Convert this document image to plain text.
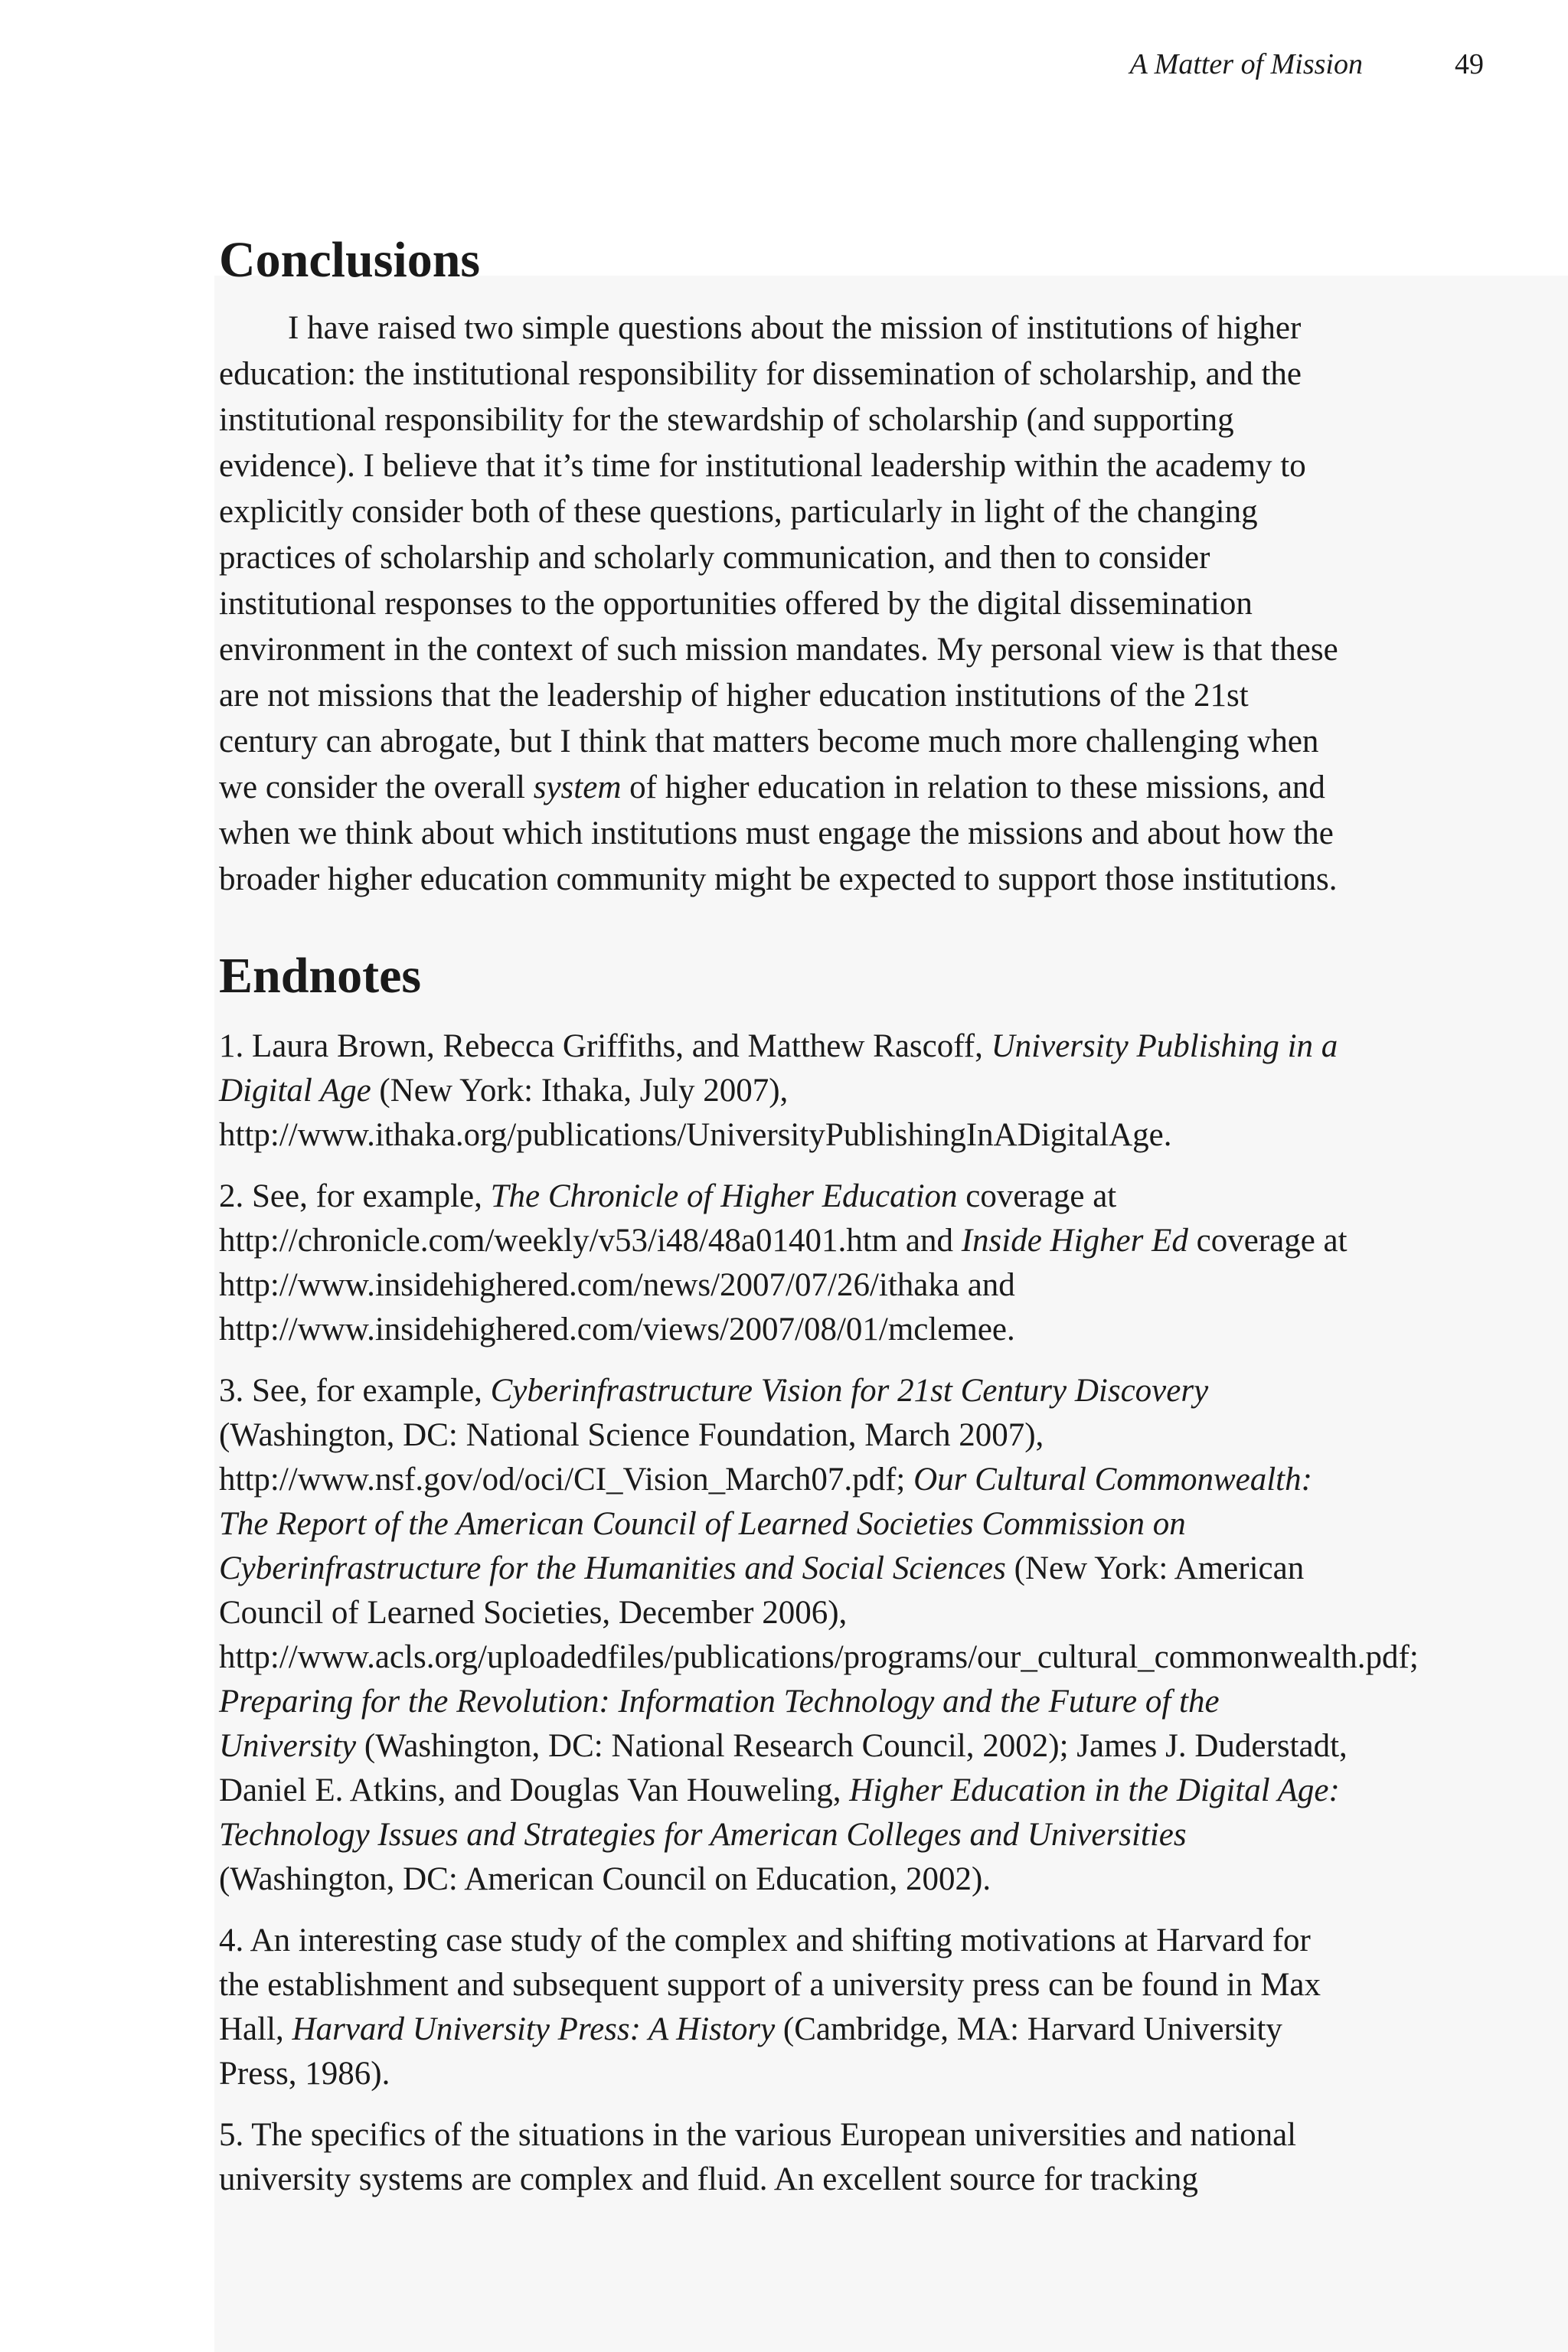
A Matter of Mission	49
Conclusions

I have raised two simple questions about the mission of institutions of higher education: the institutional responsibility for dissemination of scholarship, and the institutional responsibility for the stewardship of scholarship (and supporting evidence). I believe that it’s time for institutional leadership within the academy to explicitly consider both of these questions, particularly in light of the changing practices of scholarship and scholarly communication, and then to consider institutional responses to the opportunities offered by the digital dissemination environment in the context of such mission mandates. My personal view is that these are not missions that the leadership of higher education institutions of the 21st century can abrogate, but I think that matters become much more challenging when we consider the overall system of higher education in relation to these missions, and when we think about which institutions must engage the missions and about how the broader higher education community might be expected to support those institutions.

Endnotes

1. Laura Brown, Rebecca Griffiths, and Matthew Rascoff, University Publishing in a Digital Age (New York: Ithaka, July 2007), http://www.ithaka.org/publications/UniversityPublishingInADigitalAge.

2. See, for example, The Chronicle of Higher Education coverage at http://chronicle.com/weekly/v53/i48/48a01401.htm and Inside Higher Ed coverage at http://www.insidehighered.com/news/2007/07/26/ithaka and http://www.insidehighered.com/views/2007/08/01/mclemee.

3. See, for example, Cyberinfrastructure Vision for 21st Century Discovery (Washington, DC: National Science Foundation, March 2007), http://www.nsf.gov/od/oci/CI_Vision_March07.pdf; Our Cultural Commonwealth: The Report of the American Council of Learned Societies Commission on Cyberinfrastructure for the Humanities and Social Sciences (New York: American Council of Learned Societies, December 2006), http://www.acls.org/uploadedfiles/publications/programs/our_cultural_commonwealth.pdf; Preparing for the Revolution: Information Technology and the Future of the University (Washington, DC: National Research Council, 2002); James J. Duderstadt, Daniel E. Atkins, and Douglas Van Houweling, Higher Education in the Digital Age: Technology Issues and Strategies for American Colleges and Universities (Washington, DC: American Council on Education, 2002).

4. An interesting case study of the complex and shifting motivations at Harvard for the establishment and subsequent support of a university press can be found in Max Hall, Harvard University Press: A History (Cambridge, MA: Harvard University Press, 1986).

5. The specifics of the situations in the various European universities and national university systems are complex and fluid. An excellent source for tracking
